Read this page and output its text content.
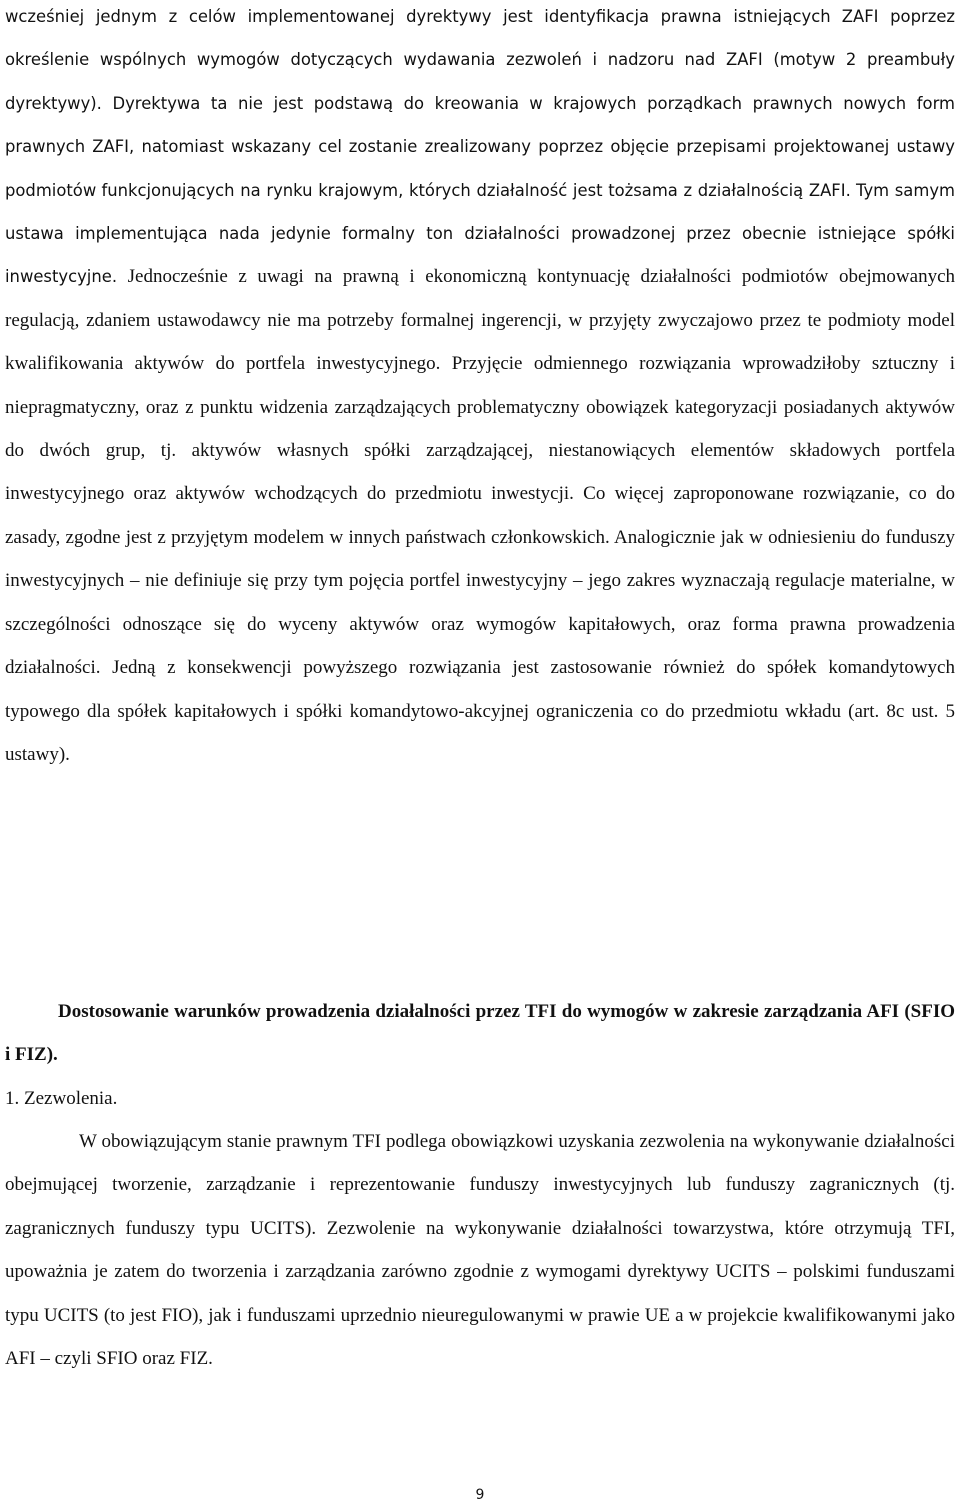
wcześniej jednym z celów implementowanej dyrektywy jest identyfikacja prawna istniejących ZAFI poprzez określenie wspólnych wymogów dotyczących wydawania zezwoleń i nadzoru nad ZAFI (motyw 2 preambuły dyrektywy). Dyrektywa ta nie jest podstawą do kreowania w krajowych porządkach prawnych nowych form prawnych ZAFI, natomiast wskazany cel zostanie zrealizowany poprzez objęcie przepisami projektowanej ustawy podmiotów funkcjonujących na rynku krajowym, których działalność jest tożsama z działalnością ZAFI. Tym samym ustawa implementująca nada jedynie formalny ton działalności prowadzonej przez obecnie istniejące spółki inwestycyjne. Jednocześnie z uwagi na prawną i ekonomiczną kontynuację działalności podmiotów obejmowanych regulacją, zdaniem ustawodawcy nie ma potrzeby formalnej ingerencji, w przyjęty zwyczajowo przez te podmioty model kwalifikowania aktywów do portfela inwestycyjnego. Przyjęcie odmiennego rozwiązania wprowadziłoby sztuczny i niepragmatyczny, oraz z punktu widzenia zarządzających problematyczny obowiązek kategoryzacji posiadanych aktywów do dwóch grup, tj. aktywów własnych spółki zarządzającej, niestanowiących elementów składowych portfela inwestycyjnego oraz aktywów wchodzących do przedmiotu inwestycji. Co więcej zaproponowane rozwiązanie, co do zasady, zgodne jest z przyjętym modelem w innych państwach członkowskich. Analogicznie jak w odniesieniu do funduszy inwestycyjnych – nie definiuje się przy tym pojęcia portfel inwestycyjny – jego zakres wyznaczają regulacje materialne, w szczególności odnoszące się do wyceny aktywów oraz wymogów kapitałowych, oraz forma prawna prowadzenia działalności. Jedną z konsekwencji powyższego rozwiązania jest zastosowanie również do spółek komandytowych typowego dla spółek kapitałowych i spółki komandytowo-akcyjnej ograniczenia co do przedmiotu wkładu (art. 8c ust. 5 ustawy).

Dostosowanie warunków prowadzenia działalności przez TFI do wymogów w zakresie zarządzania AFI (SFIO i FIZ).

1. Zezwolenia.

W obowiązującym stanie prawnym TFI podlega obowiązkowi uzyskania zezwolenia na wykonywanie działalności obejmującej tworzenie, zarządzanie i reprezentowanie funduszy inwestycyjnych lub funduszy zagranicznych (tj. zagranicznych funduszy typu UCITS). Zezwolenie na wykonywanie działalności towarzystwa, które otrzymują TFI, upoważnia je zatem do tworzenia i zarządzania zarówno zgodnie z wymogami dyrektywy UCITS – polskimi funduszami typu UCITS (to jest FIO), jak i funduszami uprzednio nieuregulowanymi w prawie UE a w projekcie kwalifikowanymi jako AFI – czyli SFIO oraz FIZ.

9
